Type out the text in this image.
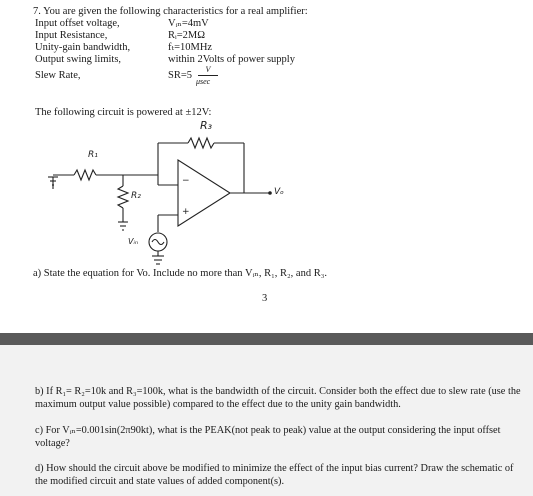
7. You are given the following characteristics for a real amplifier:
Input offset voltage,	Vᵢₙ=4mV
Input Resistance,	Rᵢ=2MΩ
Unity-gain bandwidth,	fₜ=10MHz
Output swing limits,	within 2Volts of power supply
Slew Rate,	SR=5
V
μsec
The following circuit is powered at ±12V:
R₁
R₃
R₂
Vᵢₙ
Vₒ
−
+
a) State the equation for Vo. Include no more than Vᵢₙ, R₁, R₂, and R₃.
3
b) If R₁= R₂=10k and R₃=100k, what is the bandwidth of the circuit. Consider both the effect due to slew rate (use the maximum output value possible) compared to the effect due to the unity gain bandwidth.
c) For Vᵢₙ=0.001sin(2π90kt), what is the PEAK(not peak to peak) value at the output considering the input offset voltage?
d) How should the circuit above be modified to minimize the effect of the input bias current? Draw the schematic of the modified circuit and state values of added component(s).
